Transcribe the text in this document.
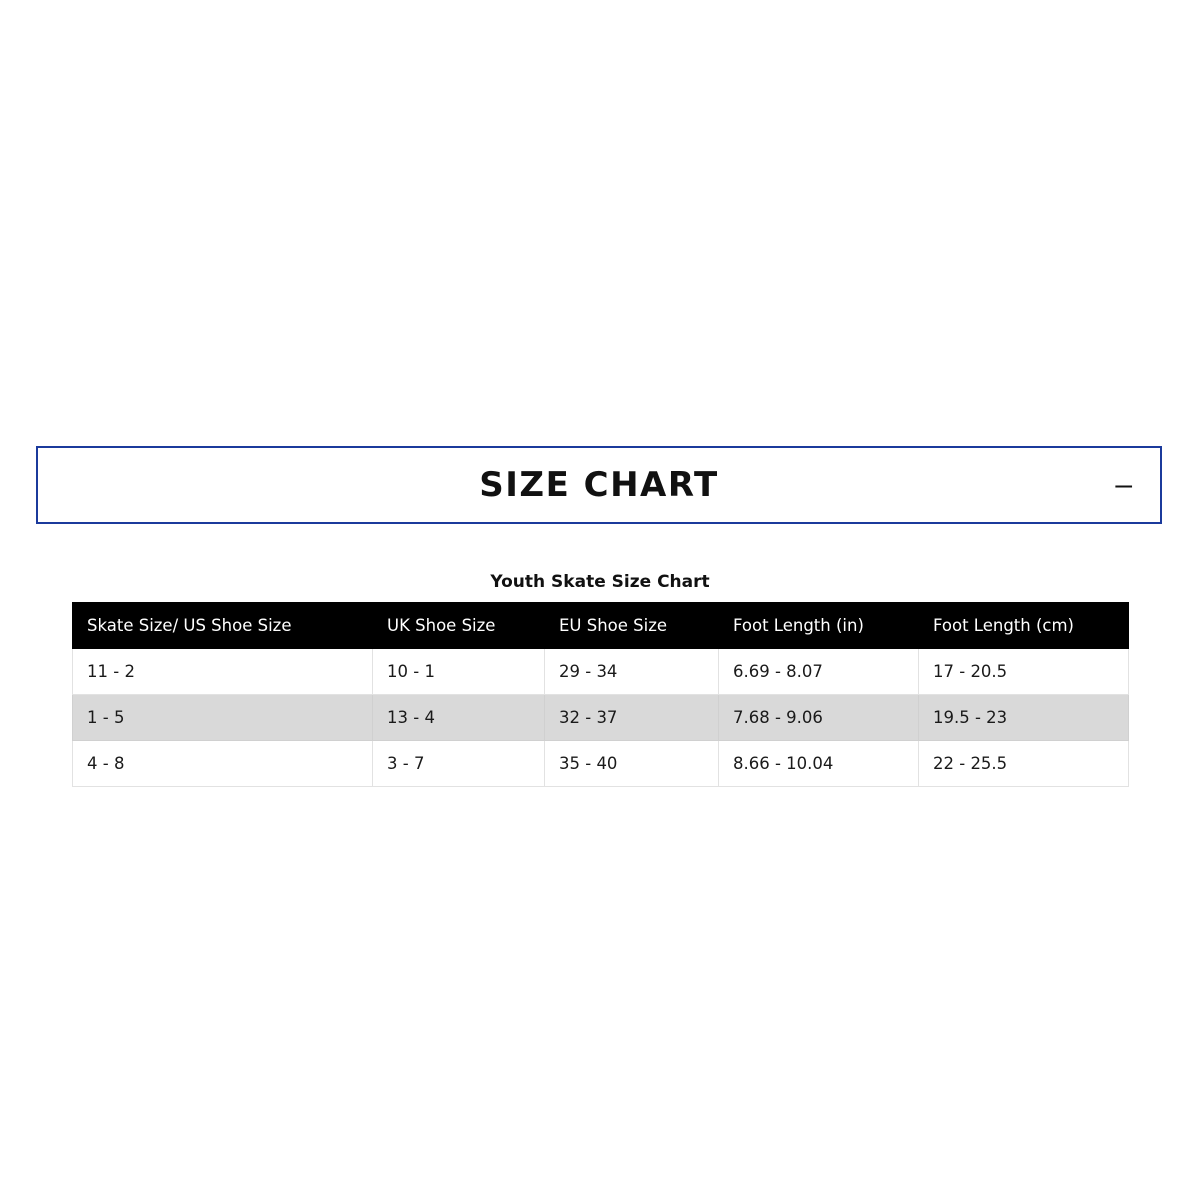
SIZE CHART	–
Youth Skate Size Chart
Skate Size/ US Shoe Size	UK Shoe Size	EU Shoe Size	Foot Length (in)	Foot Length (cm)
11 - 2	10 - 1	29 - 34	6.69 - 8.07	17 - 20.5
1 - 5	13 - 4	32 - 37	7.68 - 9.06	19.5 - 23
4 - 8	3 - 7	35 - 40	8.66 - 10.04	22 - 25.5
